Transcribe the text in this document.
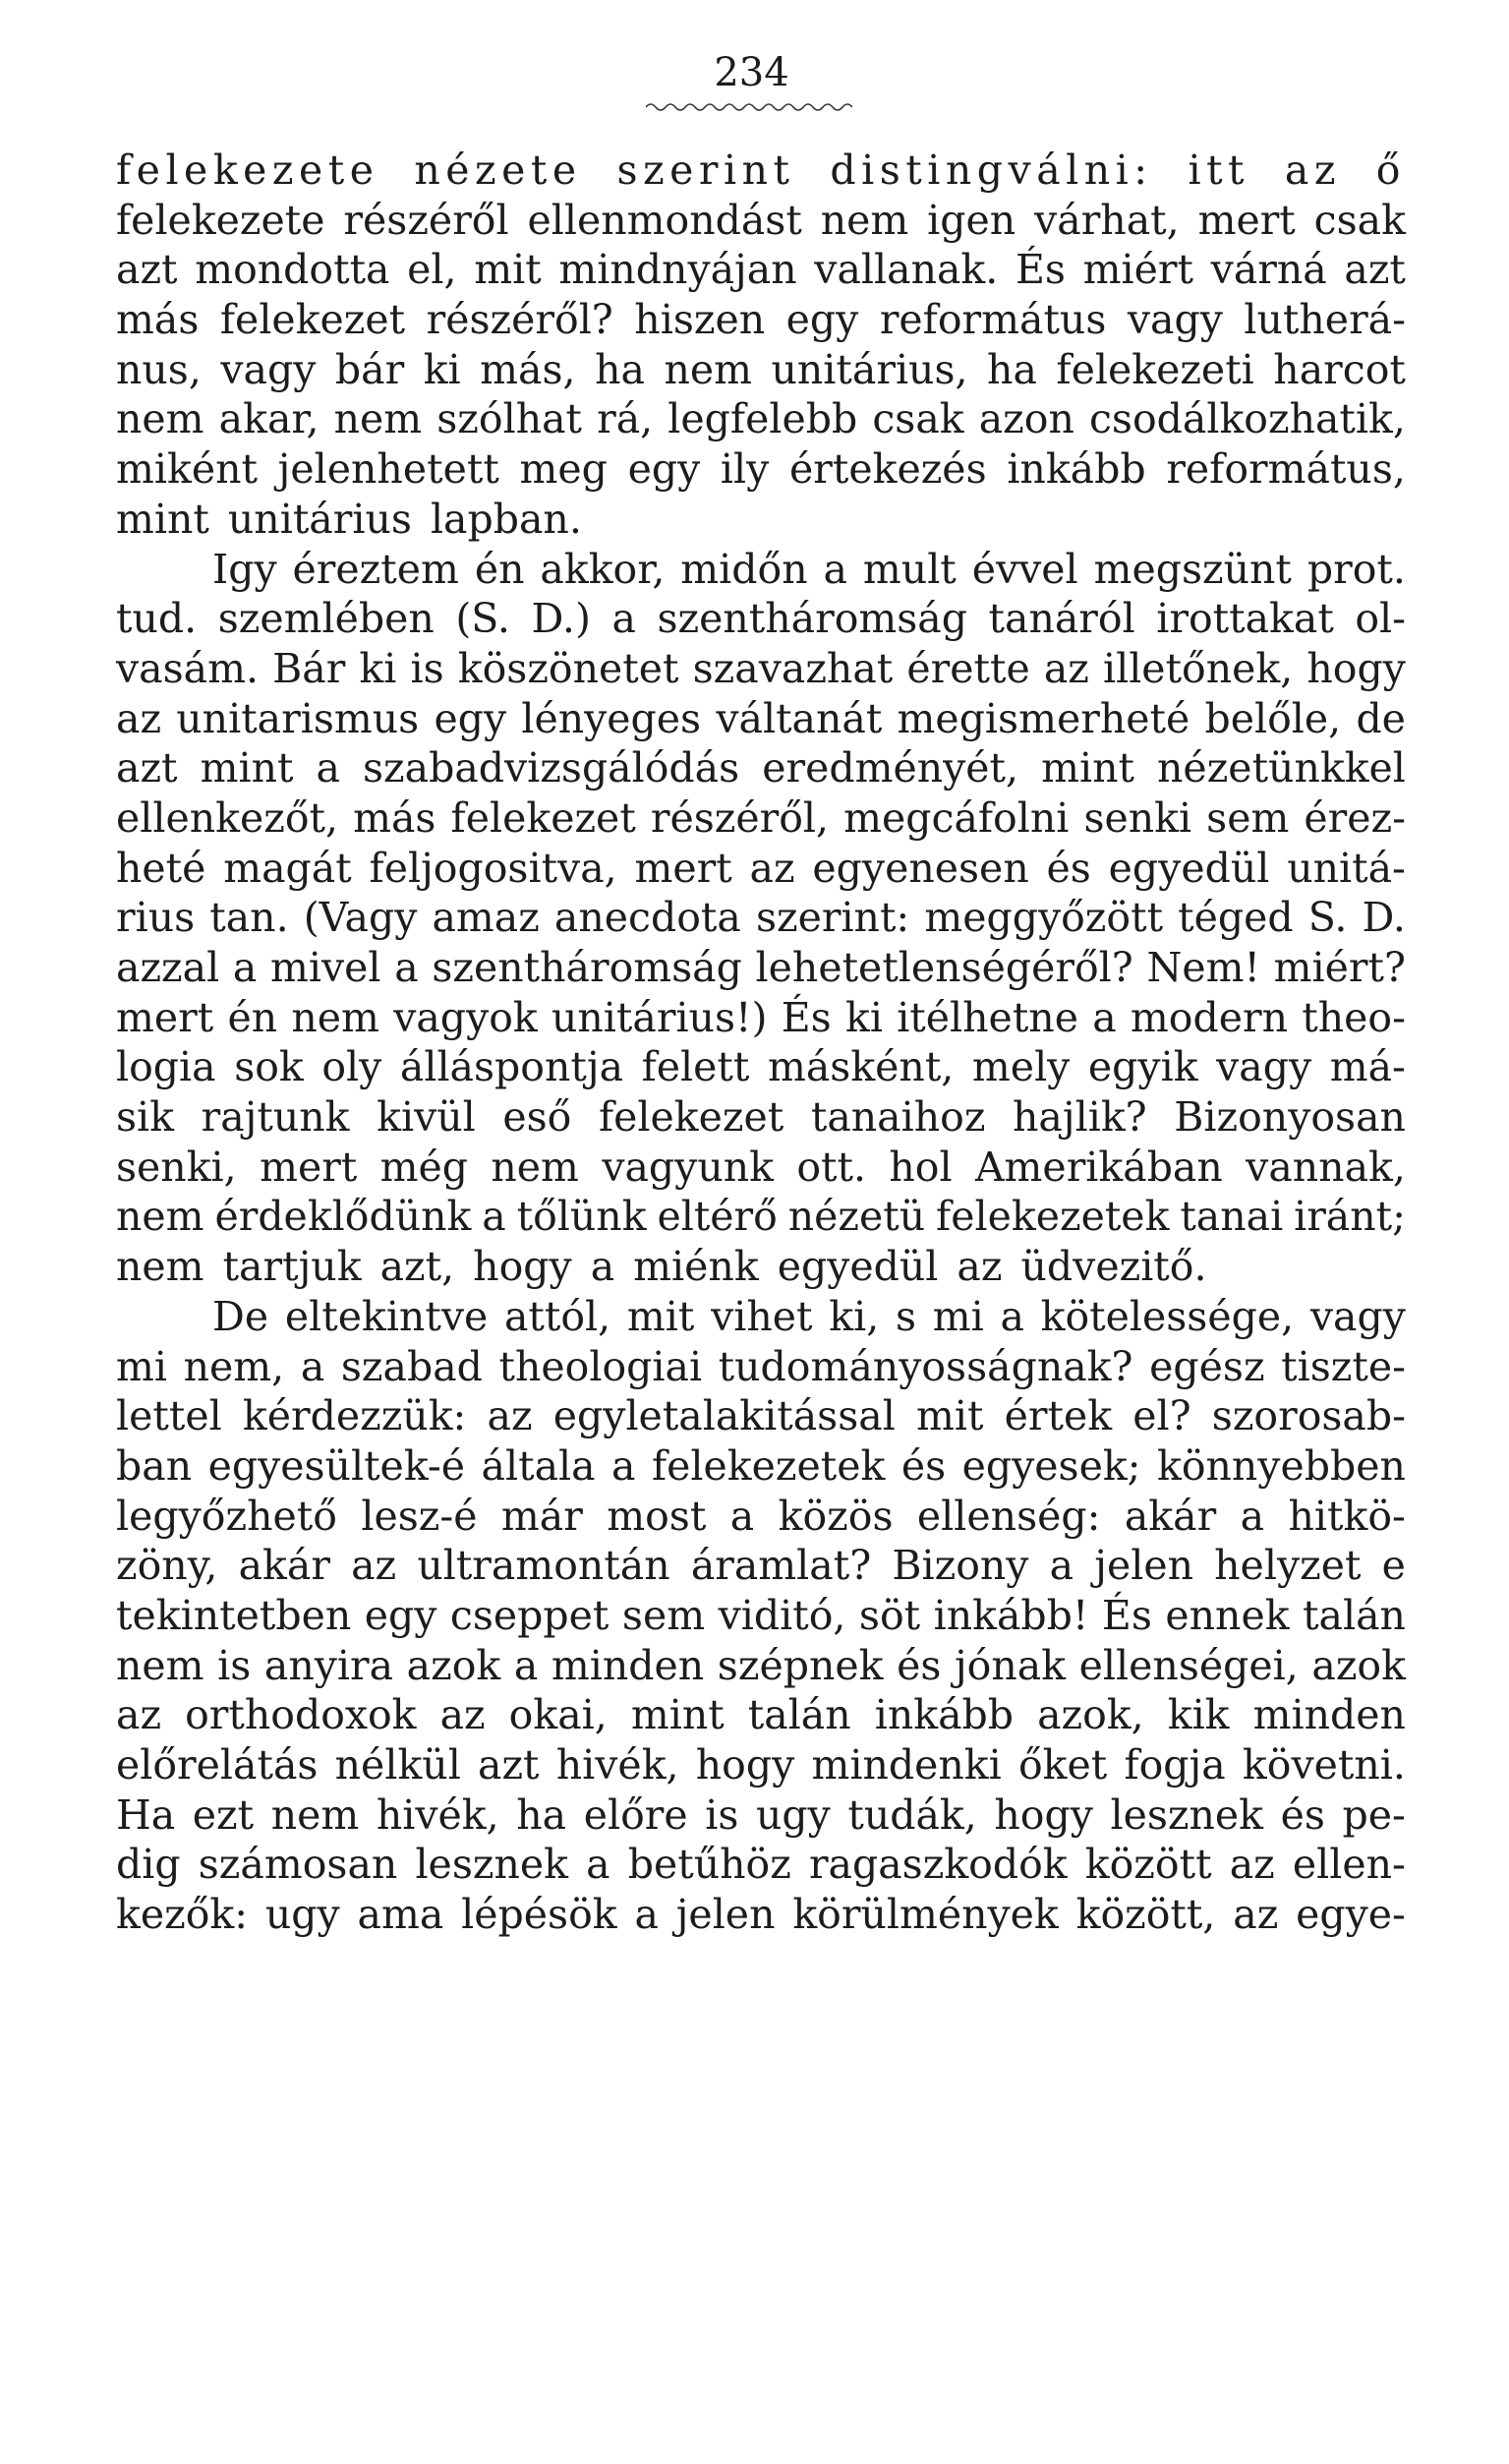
234
felekezete nézete szerint distingválni: itt az ő
felekezete részéről ellenmondást nem igen várhat, mert csak
azt mondotta el, mit mindnyájan vallanak. És miért várná azt
más felekezet részéről? hiszen egy református vagy lutherá-
nus, vagy bár ki más, ha nem unitárius, ha felekezeti harcot
nem akar, nem szólhat rá, legfelebb csak azon csodálkozhatik,
miként jelenhetett meg egy ily értekezés inkább református,
mint unitárius lapban.
Igy éreztem én akkor, midőn a mult évvel megszünt prot.
tud. szemlében (S. D.) a szentháromság tanáról irottakat ol-
vasám. Bár ki is köszönetet szavazhat érette az illetőnek, hogy
az unitarismus egy lényeges váltanát megismerheté belőle, de
azt mint a szabadvizsgálódás eredményét, mint nézetünkkel
ellenkezőt, más felekezet részéről, megcáfolni senki sem érez-
heté magát feljogositva, mert az egyenesen és egyedül unitá-
rius tan. (Vagy amaz anecdota szerint: meggyőzött téged S. D.
azzal a mivel a szentháromság lehetetlenségéről? Nem! miért?
mert én nem vagyok unitárius!) És ki itélhetne a modern theo-
logia sok oly álláspontja felett másként, mely egyik vagy má-
sik rajtunk kivül eső felekezet tanaihoz hajlik? Bizonyosan
senki, mert még nem vagyunk ott. hol Amerikában vannak,
nem érdeklődünk a tőlünk eltérő nézetü felekezetek tanai iránt;
nem tartjuk azt, hogy a miénk egyedül az üdvezitő.
De eltekintve attól, mit vihet ki, s mi a kötelessége, vagy
mi nem, a szabad theologiai tudományosságnak? egész tiszte-
lettel kérdezzük: az egyletalakitással mit értek el? szorosab-
ban egyesültek-é általa a felekezetek és egyesek; könnyebben
legyőzhető lesz-é már most a közös ellenség: akár a hitkö-
zöny, akár az ultramontán áramlat? Bizony a jelen helyzet e
tekintetben egy cseppet sem viditó, söt inkább! És ennek talán
nem is anyira azok a minden szépnek és jónak ellenségei, azok
az orthodoxok az okai, mint talán inkább azok, kik minden
előrelátás nélkül azt hivék, hogy mindenki őket fogja követni.
Ha ezt nem hivék, ha előre is ugy tudák, hogy lesznek és pe-
dig számosan lesznek a betűhöz ragaszkodók között az ellen-
kezők: ugy ama lépésök a jelen körülmények között, az egye-
